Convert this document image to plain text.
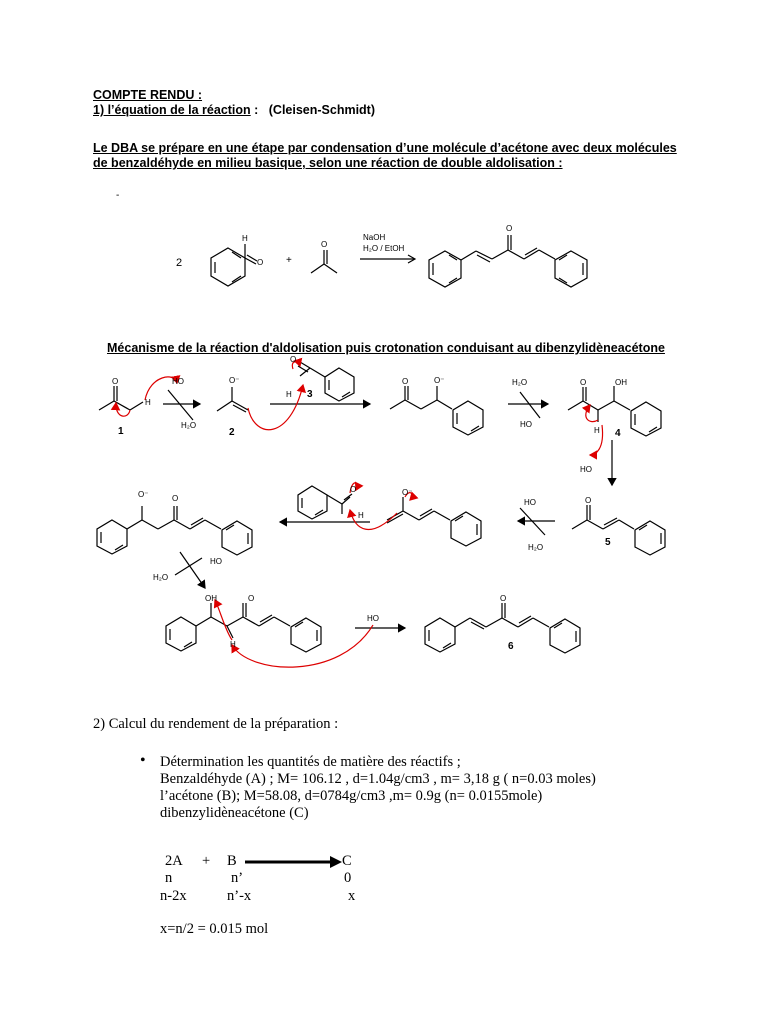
COMPTE RENDU :
1) l’équation de la réaction :   (Cleisen-Schmidt)
Le DBA se prépare en une étape par condensation d’une molécule d’acétone avec deux molécules
de benzaldéhyde en milieu basique, selon une réaction de double aldolisation :
-
2
H
O +
O
NaOH
H₂O / EtOH
O
Mécanisme de la réaction d'aldolisation puis crotonation conduisant au dibenzylidèneacétone
O
H
HO
H₂O
1
O⁻
2
O
H 3
O	O⁻	H₂O
HO
O	OH
H 4
HO
O
5
HO
H₂O
O⁻
O
H
O⁻	O
HO
H₂O
OH	O
H
HO
O
6
2) Calcul du rendement de la préparation :
• Détermination les quantités de matière des réactifs ;
Benzaldéhyde (A) ; M= 106.12 , d=1.04g/cm3 , m= 3,18 g ( n=0.03 moles)
l’acétone (B); M=58.08, d=0784g/cm3 ,m= 0.9g (n= 0.0155mole)
dibenzylidèneacétone (C)
2A + B	C
n	n’	0
n-2x	n’-x	x
x=n/2 = 0.015 mol
